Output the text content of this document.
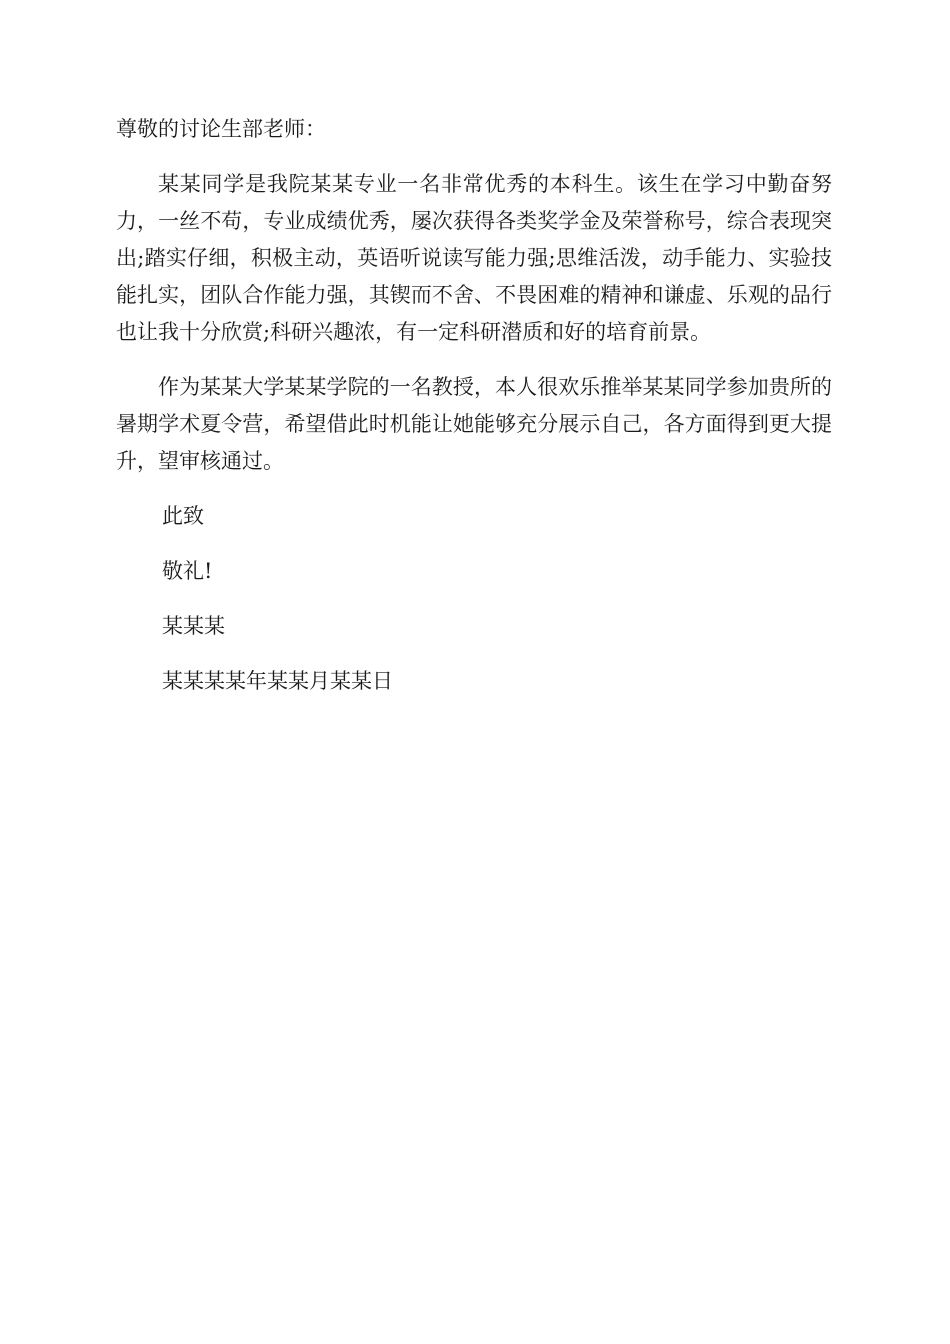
尊敬的讨论生部老师：

某某同学是我院某某专业一名非常优秀的本科生。该生在学习中勤奋努力，一丝不苟，专业成绩优秀，屡次获得各类奖学金及荣誉称号，综合表现突出;踏实仔细，积极主动，英语听说读写能力强;思维活泼，动手能力、实验技能扎实，团队合作能力强，其锲而不舍、不畏困难的精神和谦虚、乐观的品行也让我十分欣赏;科研兴趣浓，有一定科研潜质和好的培育前景。

作为某某大学某某学院的一名教授，本人很欢乐推举某某同学参加贵所的暑期学术夏令营，希望借此时机能让她能够充分展示自己，各方面得到更大提升，望审核通过。

此致

敬礼!

某某某

某某某某年某某月某某日
